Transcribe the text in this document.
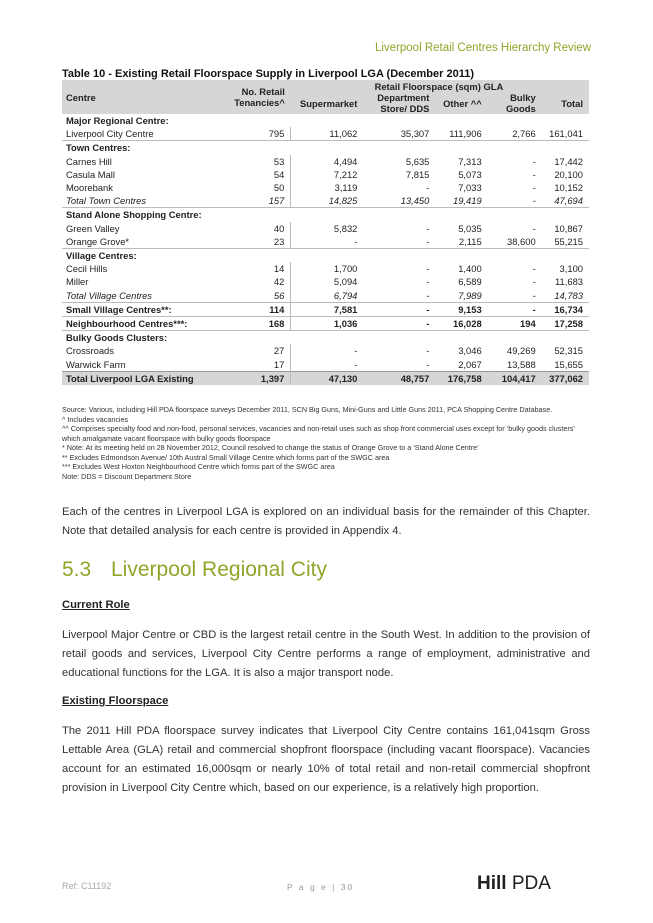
Liverpool Retail Centres Hierarchy Review
Table 10 - Existing Retail Floorspace Supply in Liverpool LGA (December 2011)
Centre	No. Retail Tenancies^	Retail Floorspace (sqm) GLA				
		Supermarket	Department Store/ DDS	Other ^^	Bulky Goods	Total
Major Regional Centre:						
Liverpool City Centre	795	11,062	35,307	111,906	2,766	161,041
Town Centres:						
Carnes Hill	53	4,494	5,635	7,313	-	17,442
Casula Mall	54	7,212	7,815	5,073	-	20,100
Moorebank	50	3,119	-	7,033	-	10,152
Total Town Centres	157	14,825	13,450	19,419	-	47,694
Stand Alone Shopping Centre:						
Green Valley	40	5,832	-	5,035	-	10,867
Orange Grove*	23	-	-	2,115	38,600	55,215
Village Centres:						
Cecil Hills	14	1,700	-	1,400	-	3,100
Miller	42	5,094	-	6,589	-	11,683
Total Village Centres	56	6,794	-	7,989	-	14,783
Small Village Centres**:	114	7,581	-	9,153	-	16,734
Neighbourhood Centres***:	168	1,036	-	16,028	194	17,258
Bulky Goods Clusters:						
Crossroads	27	-	-	3,046	49,269	52,315
Warwick Farm	17	-	-	2,067	13,588	15,655
Total Liverpool LGA Existing	1,397	47,130	48,757	176,758	104,417	377,062
Source: Various, including Hill PDA floorspace surveys December 2011, SCN Big Guns, Mini-Guns and Little Guns 2011, PCA Shopping Centre Database.
^ Includes vacancies
^^ Comprises specialty food and non-food, personal services, vacancies and non-retail uses such as shop front commercial uses except for ‘bulky goods clusters’ which amalgamate vacant floorspace with bulky goods floorspace
* Note: At its meeting held on 28 November 2012, Council resolved to change the status of Orange Grove to a ‘Stand Alone Centre’
** Excludes Edmondson Avenue/ 10th Austral Small Village Centre which forms part of the SWGC area
*** Excludes West Hoxton Neighbourhood Centre which forms part of the SWGC area
Note: DDS = Discount Department Store
Each of the centres in Liverpool LGA is explored on an individual basis for the remainder of this Chapter. Note that detailed analysis for each centre is provided in Appendix 4.
5.3 Liverpool Regional City
Current Role
Liverpool Major Centre or CBD is the largest retail centre in the South West. In addition to the provision of retail goods and services, Liverpool City Centre performs a range of employment, administrative and educational functions for the LGA. It is also a major transport node.
Existing Floorspace
The 2011 Hill PDA floorspace survey indicates that Liverpool City Centre contains 161,041sqm Gross Lettable Area (GLA) retail and commercial shopfront floorspace (including vacant floorspace). Vacancies account for an estimated 16,000sqm or nearly 10% of total retail and non-retail commercial shopfront provision in Liverpool City Centre which, based on our experience, is a relatively high proportion.
Ref: C11192	P a g e | 30	Hill PDA
